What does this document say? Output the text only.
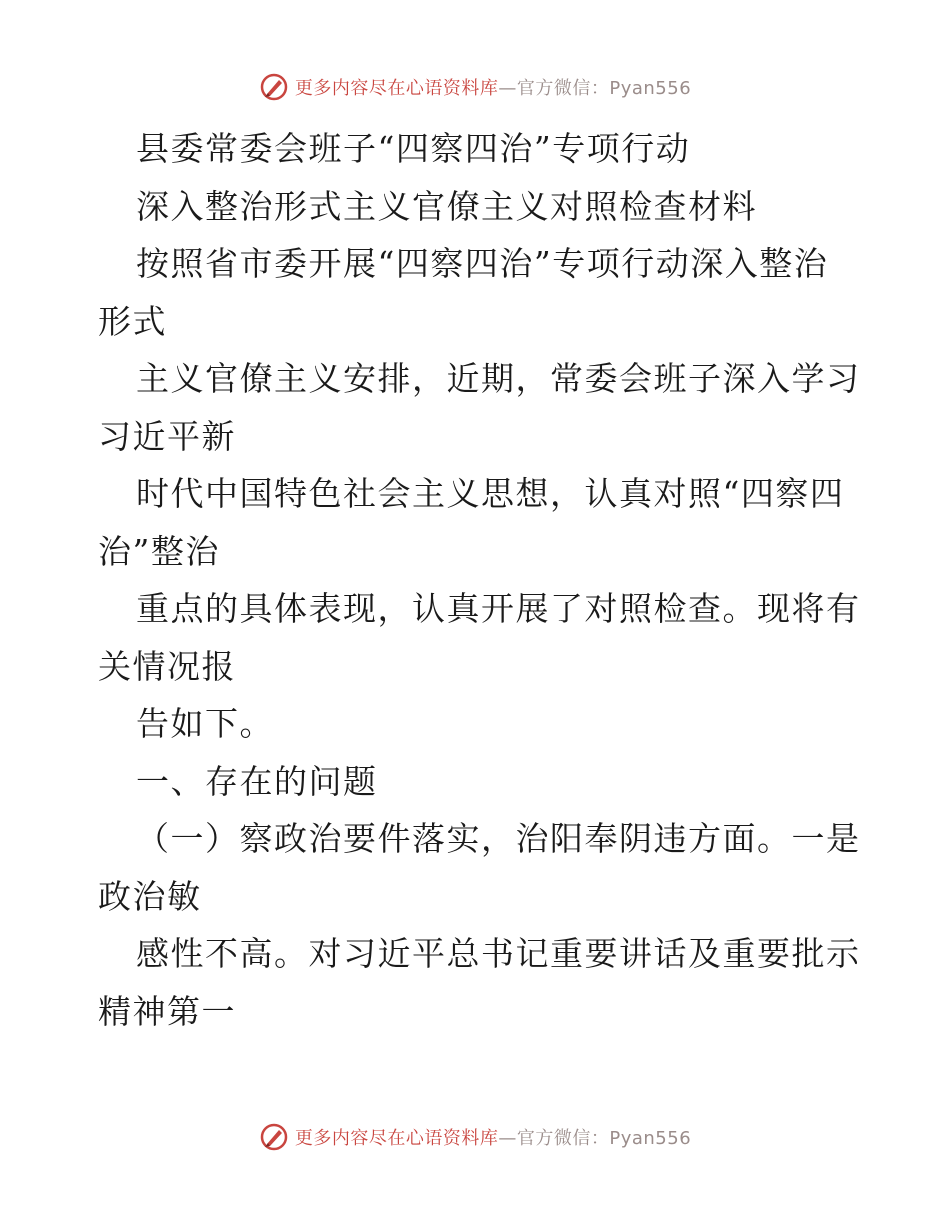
更多内容尽在心语资料库—官方微信：Pyan556
县委常委会班子“四察四治”专项行动
深入整治形式主义官僚主义对照检查材料
按照省市委开展“四察四治”专项行动深入整治
形式
主义官僚主义安排，近期，常委会班子深入学习
习近平新
时代中国特色社会主义思想，认真对照“四察四
治”整治
重点的具体表现，认真开展了对照检查。现将有
关情况报
告如下。
一、存在的问题
（一）察政治要件落实，治阳奉阴违方面。一是
政治敏
感性不高。对习近平总书记重要讲话及重要批示
精神第一
更多内容尽在心语资料库—官方微信：Pyan556
